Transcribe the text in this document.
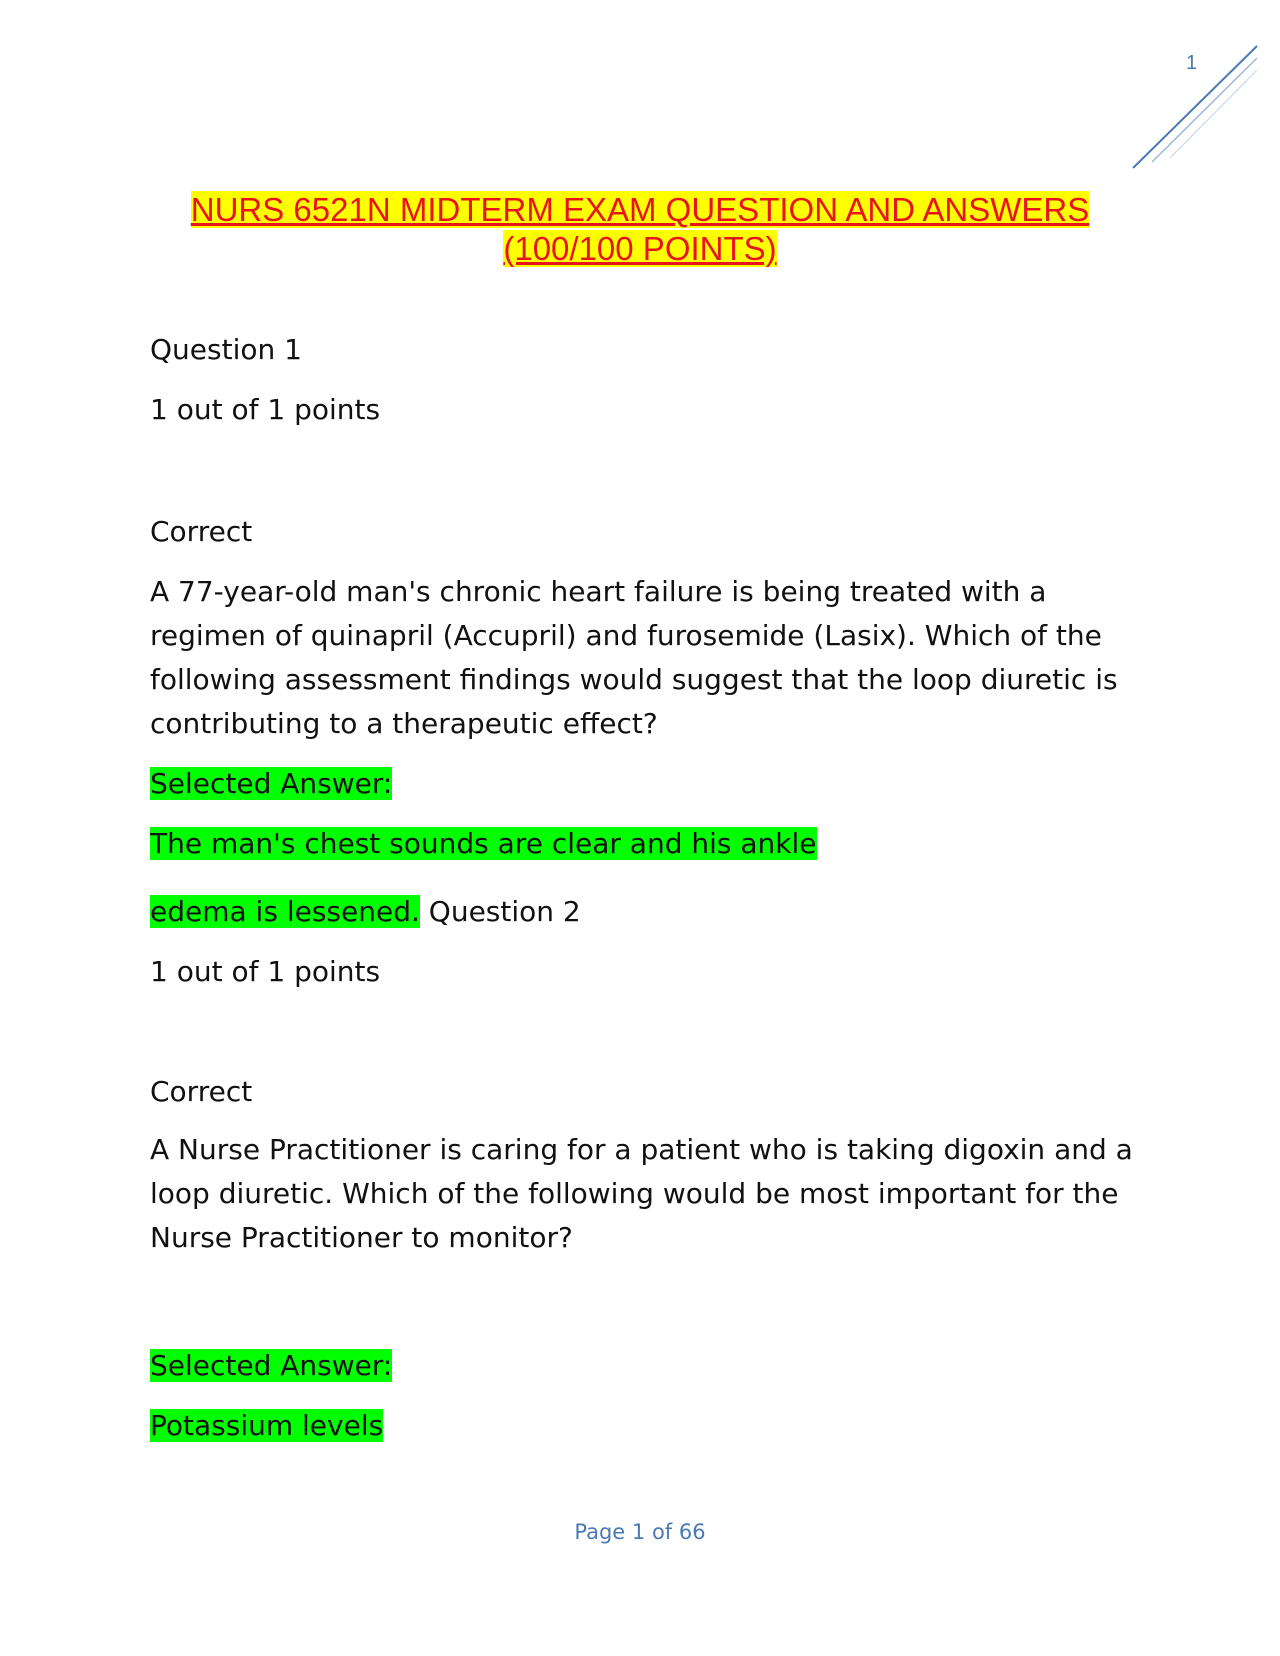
1
NURS 6521N MIDTERM EXAM QUESTION AND ANSWERS
(100/100 POINTS)
Question 1
1 out of 1 points
Correct
A 77-year-old man's chronic heart failure is being treated with a regimen of quinapril (Accupril) and furosemide (Lasix). Which of the following assessment findings would suggest that the loop diuretic is contributing to a therapeutic effect?
Selected Answer:
The man's chest sounds are clear and his ankle
edema is lessened. Question 2
1 out of 1 points
Correct
A Nurse Practitioner is caring for a patient who is taking digoxin and a loop diuretic. Which of the following would be most important for the Nurse Practitioner to monitor?
Selected Answer:
Potassium levels
Page 1 of 66
